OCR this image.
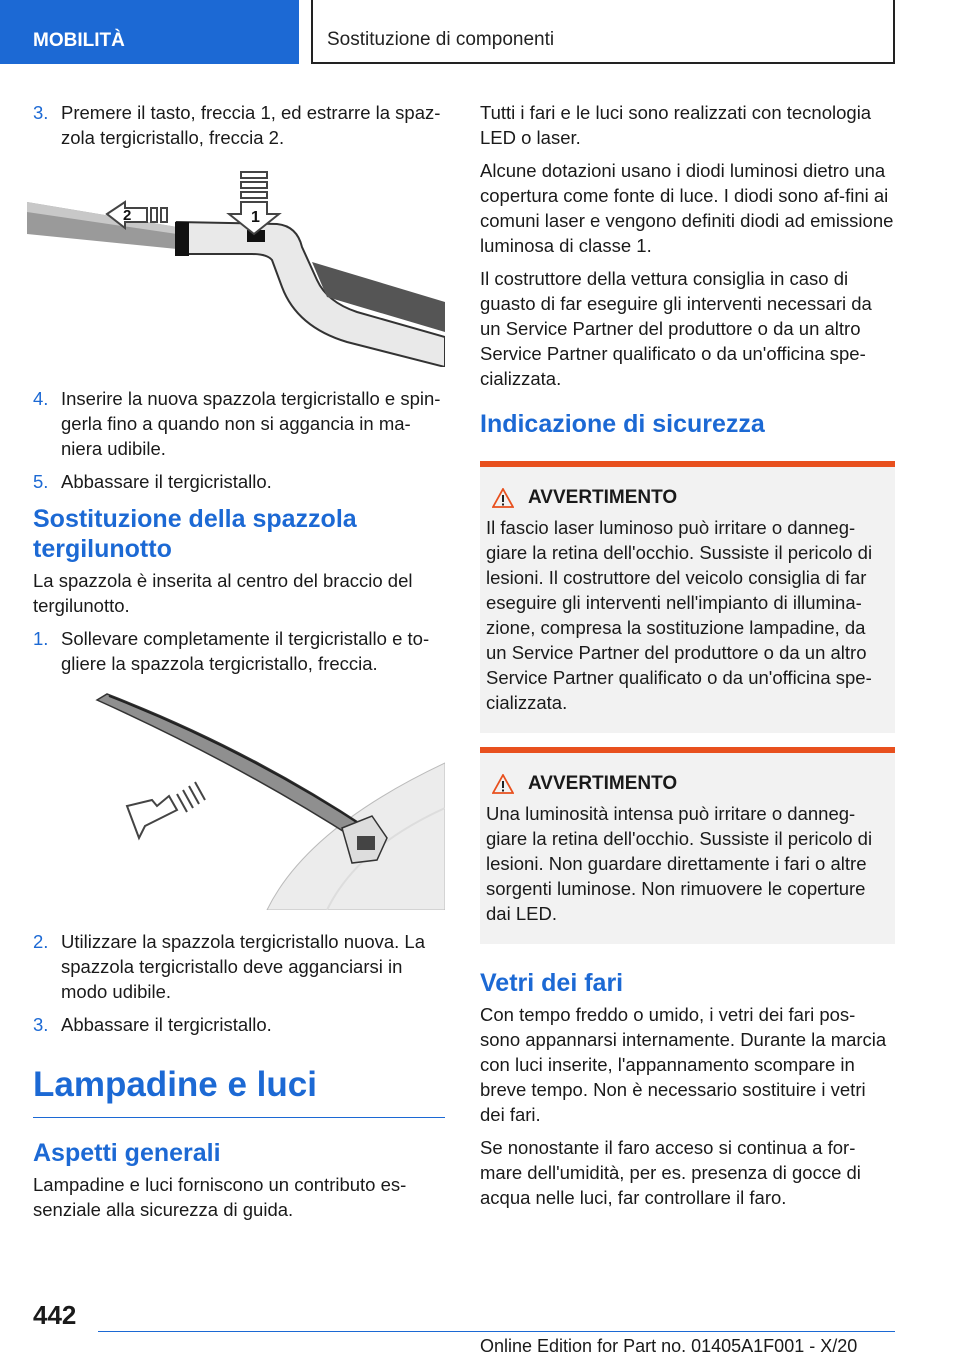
MOBILITÀ	Sostituzione di componenti
3. Premere il tasto, freccia 1, ed estrarre la spaz‐zola tergicristallo, freccia 2.
1
2
4. Inserire la nuova spazzola tergicristallo e spin‐gerla fino a quando non si aggancia in ma‐niera udibile.
5. Abbassare il tergicristallo.
Sostituzione della spazzola tergilunotto

La spazzola è inserita al centro del braccio del tergilunotto.

1. Sollevare completamente il tergicristallo e to‐gliere la spazzola tergicristallo, freccia.
2. Utilizzare la spazzola tergicristallo nuova. La spazzola tergicristallo deve agganciarsi in modo udibile.
3. Abbassare il tergicristallo.
Lampadine e luci
Aspetti generali

Lampadine e luci forniscono un contributo es‐senziale alla sicurezza di guida.

Tutti i fari e le luci sono realizzati con tecnologia LED o laser.

Alcune dotazioni usano i diodi luminosi dietro una copertura come fonte di luce. I diodi sono af‐fini ai comuni laser e vengono definiti diodi ad emissione luminosa di classe 1.

Il costruttore della vettura consiglia in caso di guasto di far eseguire gli interventi necessari da un Service Partner del produttore o da un altro Service Partner qualificato o da un'officina spe‐cializzata.

Indicazione di sicurezza
AVVERTIMENTO

Il fascio laser luminoso può irritare o danneg‐giare la retina dell'occhio. Sussiste il pericolo di lesioni. Il costruttore del veicolo consiglia di far eseguire gli interventi nell'impianto di illumina‐zione, compresa la sostituzione lampadine, da un Service Partner del produttore o da un altro Service Partner qualificato o da un'officina spe‐cializzata.

AVVERTIMENTO

Una luminosità intensa può irritare o danneg‐giare la retina dell'occhio. Sussiste il pericolo di lesioni. Non guardare direttamente i fari o altre sorgenti luminose. Non rimuovere le coperture dai LED.

Vetri dei fari

Con tempo freddo o umido, i vetri dei fari pos‐sono appannarsi internamente. Durante la marcia con luci inserite, l'appannamento scompare in breve tempo. Non è necessario sostituire i vetri dei fari.

Se nonostante il faro acceso si continua a for‐mare dell'umidità, per es. presenza di gocce di acqua nelle luci, far controllare il faro.

442
Online Edition for Part no. 01405A1F001 - X/20
